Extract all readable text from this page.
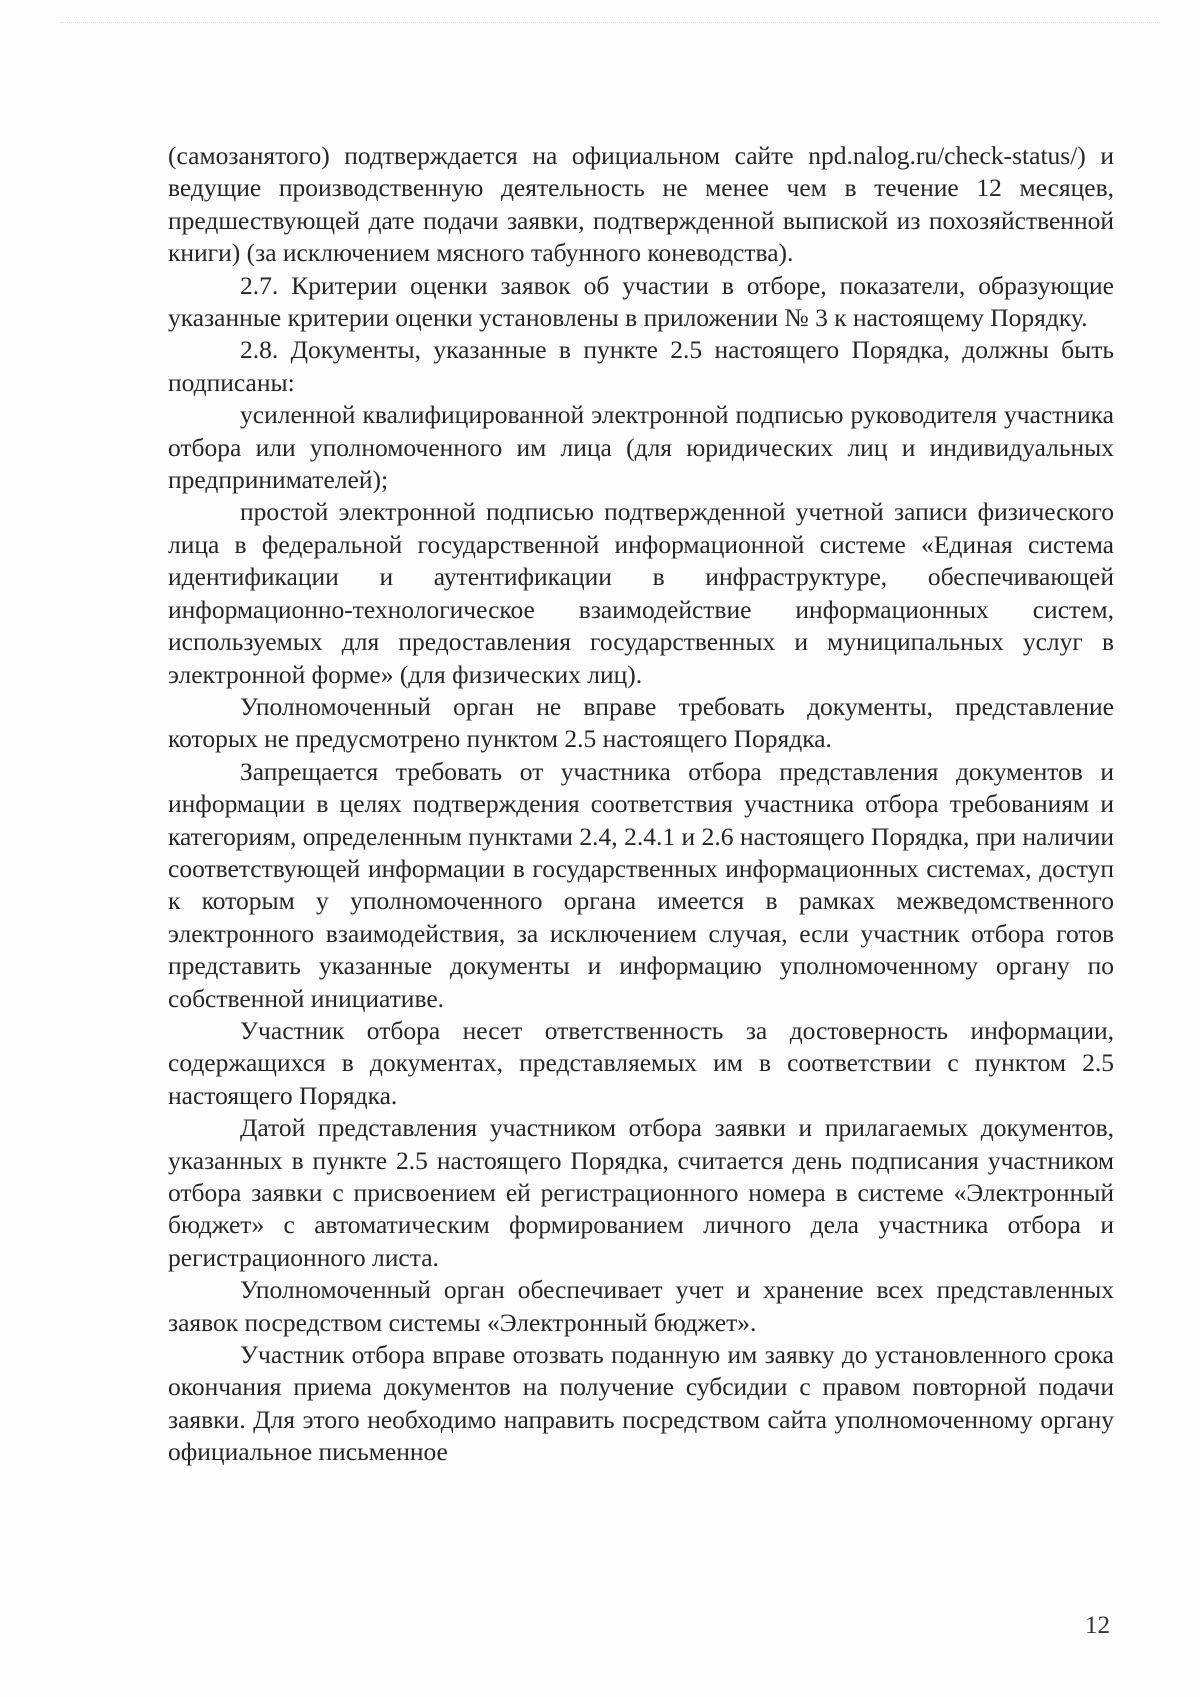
(самозанятого) подтверждается на официальном сайте npd.nalog.ru/check-status/) и ведущие производственную деятельность не менее чем в течение 12 месяцев, предшествующей дате подачи заявки, подтвержденной выпиской из похозяйственной книги) (за исключением мясного табунного коневодства).

2.7. Критерии оценки заявок об участии в отборе, показатели, образующие указанные критерии оценки установлены в приложении № 3 к настоящему Порядку.

2.8. Документы, указанные в пункте 2.5 настоящего Порядка, должны быть подписаны:

усиленной квалифицированной электронной подписью руководителя участника отбора или уполномоченного им лица (для юридических лиц и индивидуальных предпринимателей);

простой электронной подписью подтвержденной учетной записи физического лица в федеральной государственной информационной системе «Единая система идентификации и аутентификации в инфраструктуре, обеспечивающей информационно-технологическое взаимодействие информационных систем, используемых для предоставления государственных и муниципальных услуг в электронной форме» (для физических лиц).

Уполномоченный орган не вправе требовать документы, представление которых не предусмотрено пунктом 2.5 настоящего Порядка.

Запрещается требовать от участника отбора представления документов и информации в целях подтверждения соответствия участника отбора требованиям и категориям, определенным пунктами 2.4, 2.4.1 и 2.6 настоящего Порядка, при наличии соответствующей информации в государственных информационных системах, доступ к которым у уполномоченного органа имеется в рамках межведомственного электронного взаимодействия, за исключением случая, если участник отбора готов представить указанные документы и информацию уполномоченному органу по собственной инициативе.

Участник отбора несет ответственность за достоверность информации, содержащихся в документах, представляемых им в соответствии с пунктом 2.5 настоящего Порядка.

Датой представления участником отбора заявки и прилагаемых документов, указанных в пункте 2.5 настоящего Порядка, считается день подписания участником отбора заявки с присвоением ей регистрационного номера в системе «Электронный бюджет» с автоматическим формированием личного дела участника отбора и регистрационного листа.

Уполномоченный орган обеспечивает учет и хранение всех представленных заявок посредством системы «Электронный бюджет».

Участник отбора вправе отозвать поданную им заявку до установленного срока окончания приема документов на получение субсидии с правом повторной подачи заявки. Для этого необходимо направить посредством сайта уполномоченному органу официальное письменное

12
